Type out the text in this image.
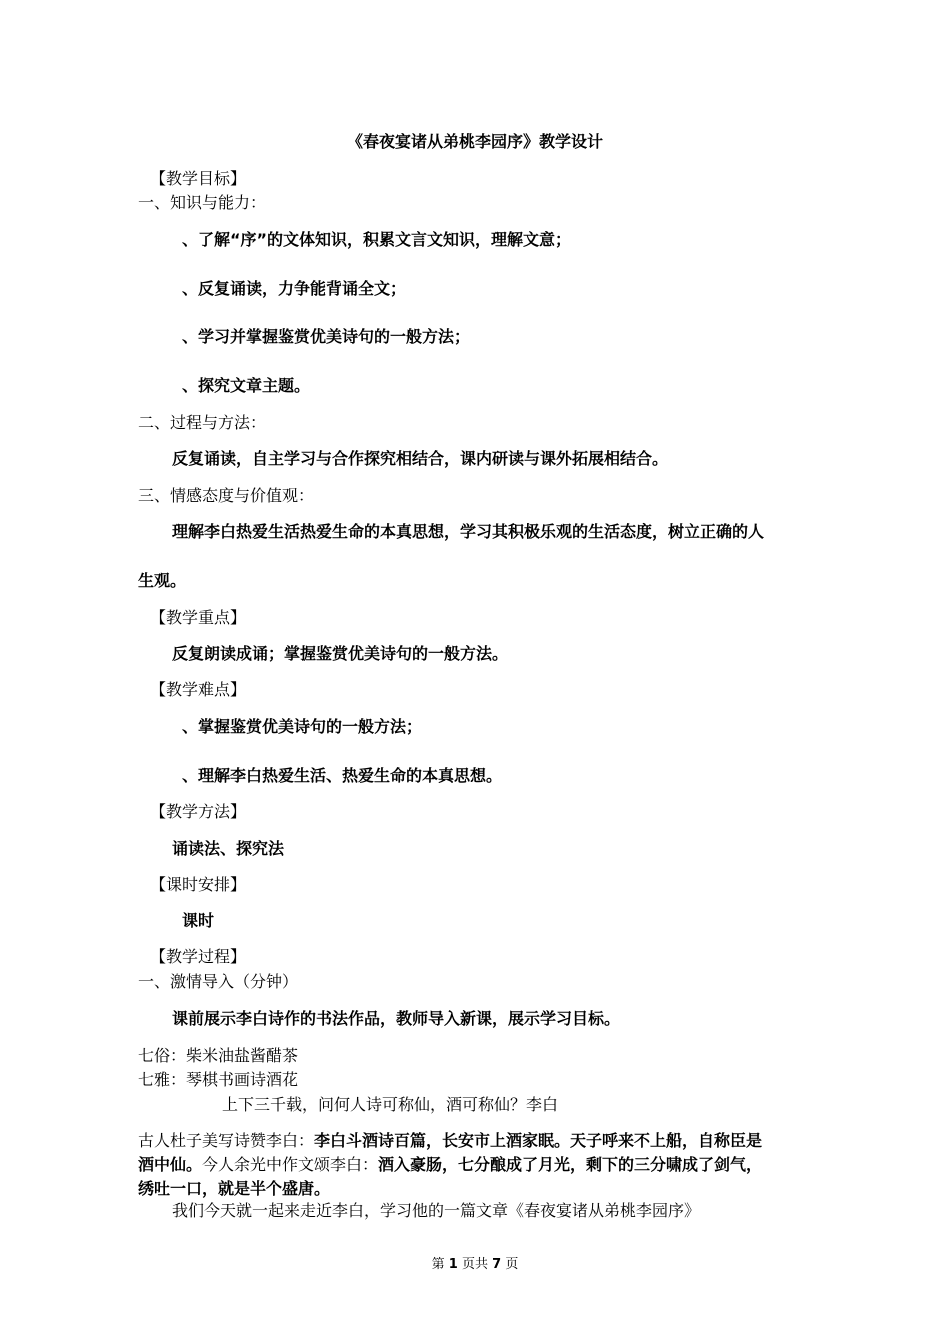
《春夜宴诸从弟桃李园序》教学设计
【教学目标】
一、知识与能力：
、了解“序”的文体知识，积累文言文知识，理解文意；
、反复诵读，力争能背诵全文；
、学习并掌握鉴赏优美诗句的一般方法；
、探究文章主题。
二、过程与方法：
反复诵读，自主学习与合作探究相结合，课内研读与课外拓展相结合。
三、情感态度与价值观：
理解李白热爱生活热爱生命的本真思想，学习其积极乐观的生活态度，树立正确的人
生观。
【教学重点】
反复朗读成诵；掌握鉴赏优美诗句的一般方法。
【教学难点】
、掌握鉴赏优美诗句的一般方法；
、理解李白热爱生活、热爱生命的本真思想。
【教学方法】
诵读法、探究法
【课时安排】
课时
【教学过程】
一、激情导入（分钟）
课前展示李白诗作的书法作品，教师导入新课，展示学习目标。
七俗：柴米油盐酱醋茶
七雅：琴棋书画诗酒花
上下三千载，问何人诗可称仙，酒可称仙？李白
古人杜子美写诗赞李白：李白斗酒诗百篇，长安市上酒家眠。天子呼来不上船，自称臣是
酒中仙。今人余光中作文颂李白：酒入豪肠，七分酿成了月光，剩下的三分啸成了剑气，
绣吐一口，就是半个盛唐。
我们今天就一起来走近李白，学习他的一篇文章《春夜宴诸从弟桃李园序》
第 1 页共 7 页
